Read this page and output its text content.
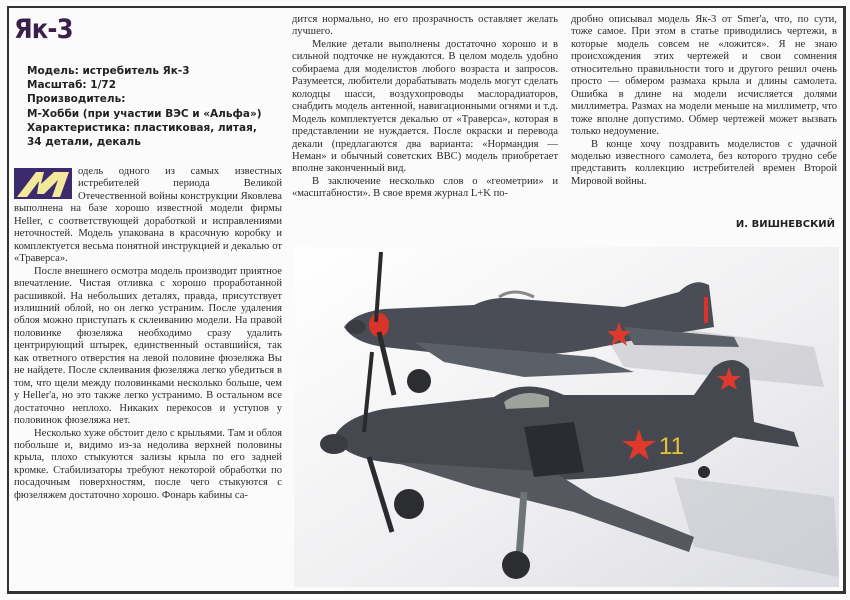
Як-3
Модель: истребитель Як-3
Масштаб: 1/72
Производитель:
М-Хобби (при участии ВЭС и «Альфа»)
Характеристика: пластиковая, литая,
34 детали, декаль

одель одного из самых известных истребителей периода Великой Отечественной войны конструкции Яковлева выполнена на базе хорошо известной модели фирмы Heller, с соответствующей доработкой и исправлениями неточностей. Модель упакована в красочную коробку и комплектуется весьма понятной инструкцией и декалью от «Траверса».

После внешнего осмотра модель производит приятное впечатление. Чистая отливка с хорошо проработанной расшивкой. На небольших деталях, правда, присутствует излишний облой, но он легко устраним. После удаления облоя можно приступать к склеиванию модели. На правой половинке фюзеляжа необходимо сразу удалить центрирующий штырек, единственный оставшийся, так как ответного отверстия на левой половине фюзеляжа Вы не найдете. После склеивания фюзеляжа легко убедиться в том, что щели между половинками несколько больше, чем у Heller'a, но это также легко устранимо. В остальном все достаточно неплохо. Никаких перекосов и уступов у половинок фюзеляжа нет.

Несколько хуже обстоит дело с крыльями. Там и облоя побольше и, видимо из-за недолива верхней половины крыла, плохо стыкуются зализы крыла по его задней кромке. Стабилизаторы требуют некоторой обработки по посадочным поверхностям, после чего стыкуются с фюзеляжем достаточно хорошо. Фонарь кабины са-

дится нормально, но его прозрачность оставляет желать лучшего.

Мелкие детали выполнены достаточно хорошо и в сильной подточке не нуждаются. В целом модель удобно собираема для моделистов любого возраста и запросов. Разумеется, любители дорабатывать модель могут сделать колодцы шасси, воздухопроводы маслорадиаторов, снабдить модель антенной, навигационными огнями и т.д. Модель комплектуется декалью от «Траверса», которая в представлении не нуждается. После окраски и перевода декали (предлагаются два варианта: «Нормандия — Неман» и обычный советских ВВС) модель приобретает вполне законченный вид.

В заключение несколько слов о «геометрии» и «масштабности». В свое время журнал L+K по-

дробно описывал модель Як-3 от Smer'a, что, по сути, тоже самое. При этом в статье приводились чертежи, в которые модель совсем не «ложится». Я не знаю происхождения этих чертежей и свои сомнения относительно правильности того и другого решил очень просто — обмером размаха крыла и длины самолета. Ошибка в длине на модели исчисляется долями миллиметра. Размах на модели меньше на миллиметр, что тоже вполне допустимо. Обмер чертежей может вызвать только недоумение.

В конце хочу поздравить моделистов с удачной моделью известного самолета, без которого трудно себе представить коллекцию истребителей времен Второй Мировой войны.

И. ВИШНЕВСКИЙ
11
